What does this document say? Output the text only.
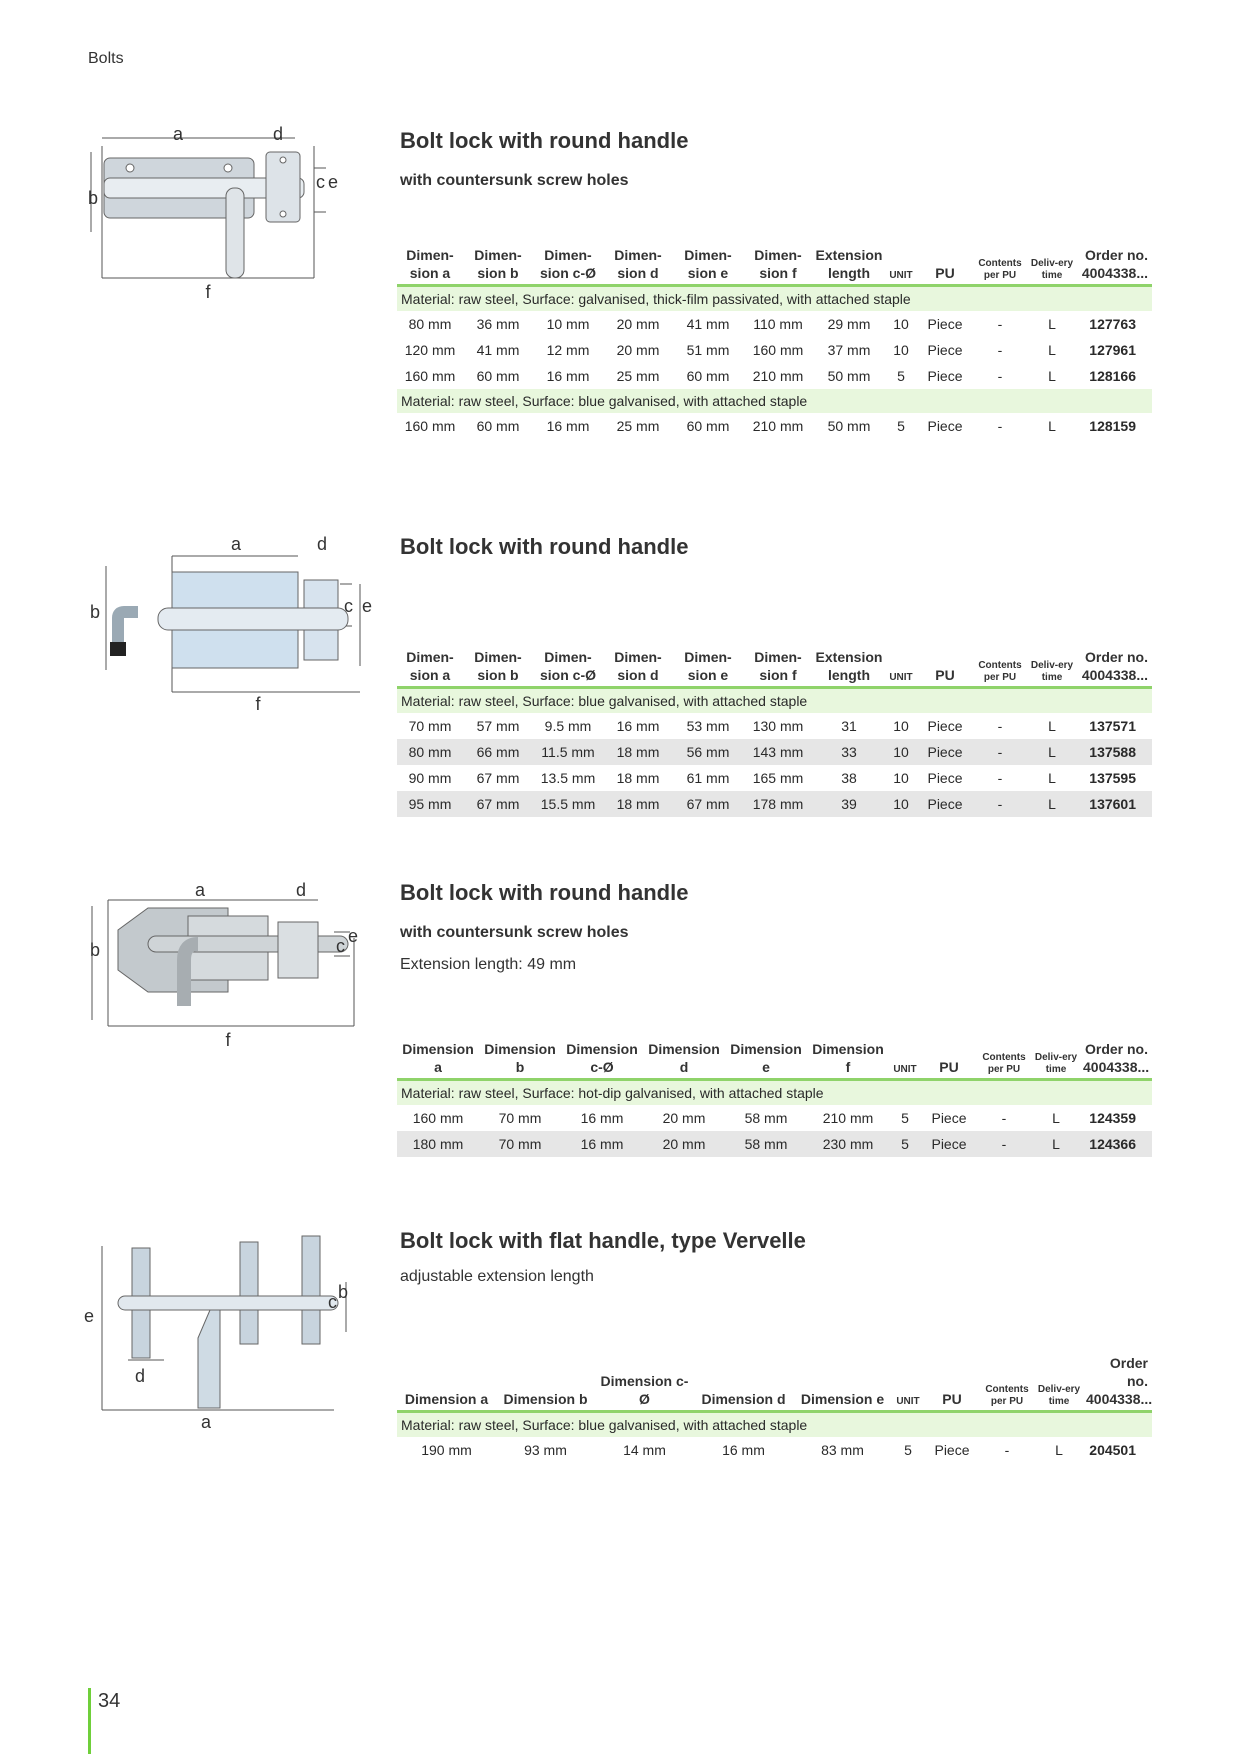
Bolts
a	d
b
c e
f
Bolt lock with round handle
with countersunk screw holes
Dimen-sion a	Dimen-sion b	Dimen-sion c-Ø	Dimen-sion d	Dimen-sion e	Dimen-sion f	Extension length	UNIT	PU	Contents per PU	Deliv-ery time	Order no. 4004338...
Material: raw steel, Surface: galvanised, thick-film passivated, with attached staple											
80 mm	36 mm	10 mm	20 mm	41 mm	110 mm	29 mm	10	Piece	-	L	127763
120 mm	41 mm	12 mm	20 mm	51 mm	160 mm	37 mm	10	Piece	-	L	127961
160 mm	60 mm	16 mm	25 mm	60 mm	210 mm	50 mm	5	Piece	-	L	128166
Material: raw steel, Surface: blue galvanised, with attached staple											
160 mm	60 mm	16 mm	25 mm	60 mm	210 mm	50 mm	5	Piece	-	L	128159
a	d
b	c e
f
Bolt lock with round handle
Dimen-sion a	Dimen-sion b	Dimen-sion c-Ø	Dimen-sion d	Dimen-sion e	Dimen-sion f	Extension length	UNIT	PU	Contents per PU	Deliv-ery time	Order no. 4004338...
Material: raw steel, Surface: blue galvanised, with attached staple											
70 mm	57 mm	9.5 mm	16 mm	53 mm	130 mm	31	10	Piece	-	L	137571
80 mm	66 mm	11.5 mm	18 mm	56 mm	143 mm	33	10	Piece	-	L	137588
90 mm	67 mm	13.5 mm	18 mm	61 mm	165 mm	38	10	Piece	-	L	137595
95 mm	67 mm	15.5 mm	18 mm	67 mm	178 mm	39	10	Piece	-	L	137601
a	d
b	c e
f
Bolt lock with round handle
with countersunk screw holes
Extension length: 49 mm
Dimension a	Dimension b	Dimension c-Ø	Dimension d	Dimension e	Dimension f	UNIT	PU	Contents per PU	Deliv-ery time	Order no. 4004338...
Material: raw steel, Surface: hot-dip galvanised, with attached staple										
160 mm	70 mm	16 mm	20 mm	58 mm	210 mm	5	Piece	-	L	124359
180 mm	70 mm	16 mm	20 mm	58 mm	230 mm	5	Piece	-	L	124366
e
d
c b
a
Bolt lock with flat handle, type Vervelle
adjustable extension length
Dimension a	Dimension b	Dimension c-Ø	Dimension d	Dimension e	UNIT	PU	Contents per PU	Deliv-ery time	Order no. 4004338...
Material: raw steel, Surface: blue galvanised, with attached staple									
190 mm	93 mm	14 mm	16 mm	83 mm	5	Piece	-	L	204501
34
